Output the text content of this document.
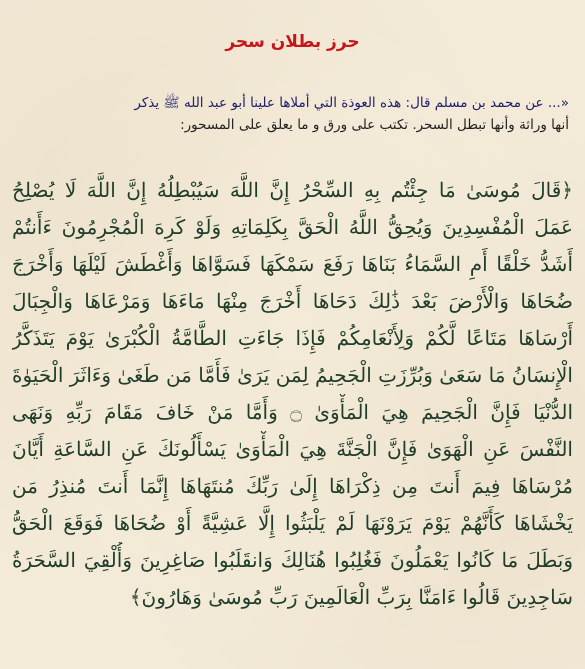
حرز بطلان سحر
«... عن محمد بن مسلم قال: هذه العوذة التي أملاها علينا أبو عبد الله ﷺ يذكر
أنها وراثة وأنها تبطل السحر. تكتب على ورق و ما يعلق على المسحور:
﴿قَالَ مُوسَىٰ مَا جِئْتُم بِهِ السِّحْرُ إِنَّ اللَّهَ سَيُبْطِلُهُ إِنَّ اللَّهَ لَا يُصْلِحُ
عَمَلَ الْمُفْسِدِينَ وَيُحِقُّ اللَّهُ الْحَقَّ بِكَلِمَاتِهِ وَلَوْ كَرِهَ الْمُجْرِمُونَ ءَأَنتُمْ
أَشَدُّ خَلْقًا أَمِ السَّمَاءُ بَنَاهَا رَفَعَ سَمْكَهَا فَسَوَّاهَا وَأَغْطَشَ لَيْلَهَا وَأَخْرَجَ
ضُحَاهَا وَالْأَرْضَ بَعْدَ ذَٰلِكَ دَحَاهَا أَخْرَجَ مِنْهَا مَاءَهَا وَمَرْعَاهَا وَالْجِبَالَ
أَرْسَاهَا مَتَاعًا لَّكُمْ وَلِأَنْعَامِكُمْ فَإِذَا جَاءَتِ الطَّامَّةُ الْكُبْرَىٰ يَوْمَ يَتَذَكَّرُ
الْإِنسَانُ مَا سَعَىٰ وَبُرِّزَتِ الْجَحِيمُ لِمَن يَرَىٰ فَأَمَّا مَن طَغَىٰ وَءَاثَرَ الْحَيَوٰةَ
الدُّنْيَا فَإِنَّ الْجَحِيمَ هِيَ الْمَأْوَىٰ ۝ وَأَمَّا مَنْ خَافَ مَقَامَ رَبِّهِ وَنَهَى
النَّفْسَ عَنِ الْهَوَىٰ فَإِنَّ الْجَنَّةَ هِيَ الْمَأْوَىٰ يَسْأَلُونَكَ عَنِ السَّاعَةِ أَيَّانَ
مُرْسَاهَا فِيمَ أَنتَ مِن ذِكْرَاهَا إِلَىٰ رَبِّكَ مُنتَهَاهَا إِنَّمَا أَنتَ مُنذِرُ مَن
يَخْشَاهَا كَأَنَّهُمْ يَوْمَ يَرَوْنَهَا لَمْ يَلْبَثُوا إِلَّا عَشِيَّةً أَوْ ضُحَاهَا فَوَقَعَ الْحَقُّ
وَبَطَلَ مَا كَانُوا يَعْمَلُونَ فَغُلِبُوا هُنَالِكَ وَانقَلَبُوا صَاغِرِينَ وَأُلْقِيَ السَّحَرَةُ
سَاجِدِينَ قَالُوا ءَامَنَّا بِرَبِّ الْعَالَمِينَ رَبِّ مُوسَىٰ وَهَارُونَ﴾
